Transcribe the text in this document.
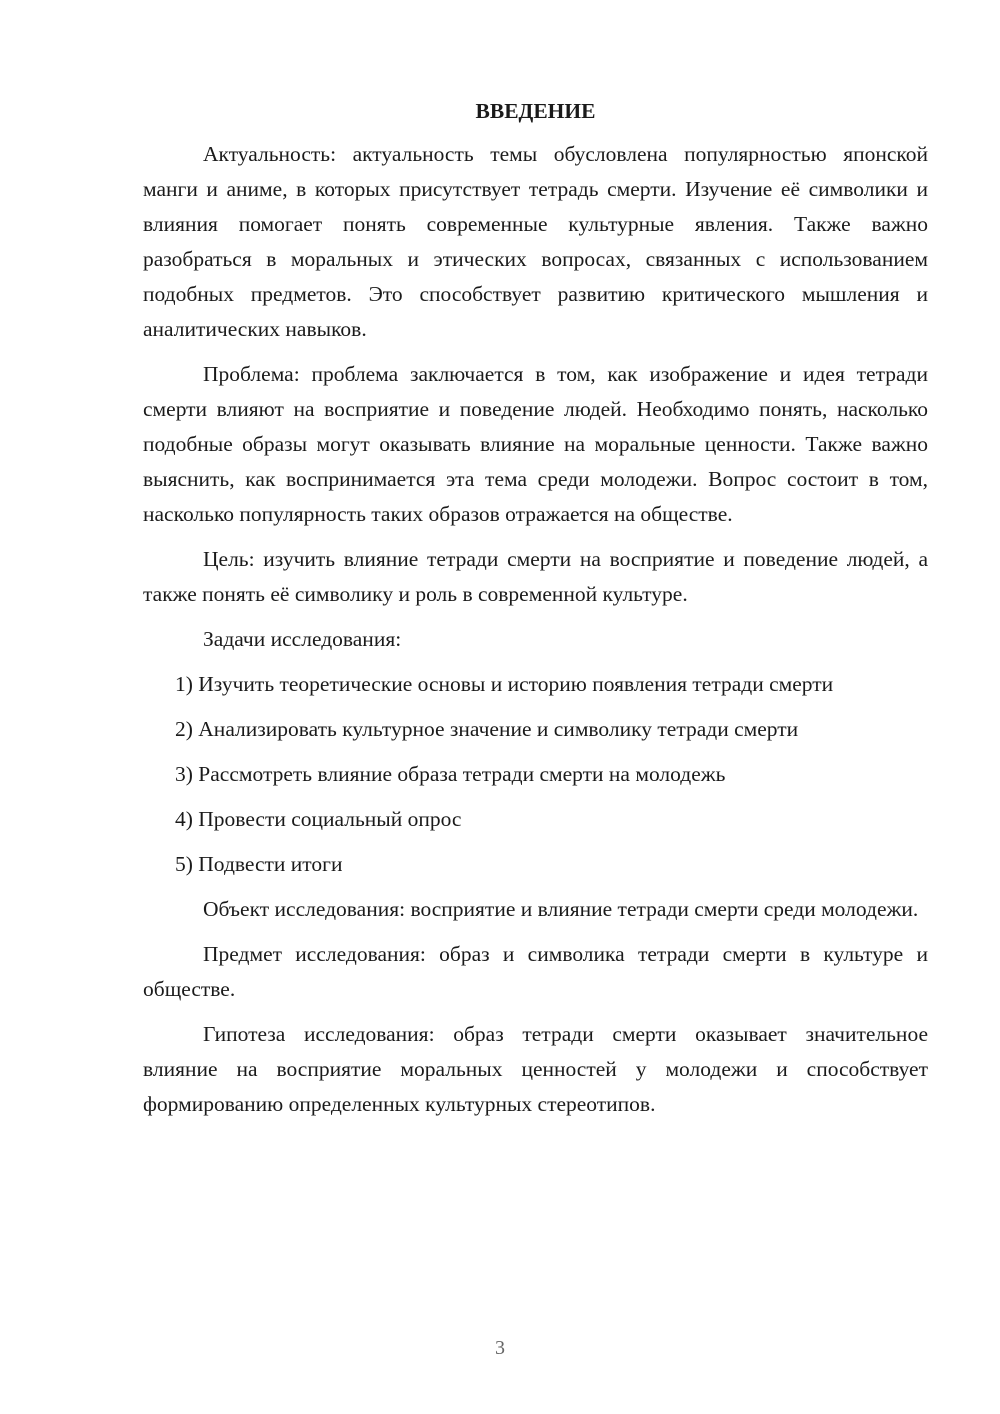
ВВЕДЕНИЕ

Актуальность: актуальность темы обусловлена популярностью японской манги и аниме, в которых присутствует тетрадь смерти. Изучение её символики и влияния помогает понять современные культурные явления. Также важно разобраться в моральных и этических вопросах, связанных с использованием подобных предметов. Это способствует развитию критического мышления и аналитических навыков.

Проблема: проблема заключается в том, как изображение и идея тетради смерти влияют на восприятие и поведение людей. Необходимо понять, насколько подобные образы могут оказывать влияние на моральные ценности. Также важно выяснить, как воспринимается эта тема среди молодежи. Вопрос состоит в том, насколько популярность таких образов отражается на обществе.

Цель: изучить влияние тетради смерти на восприятие и поведение людей, а также понять её символику и роль в современной культуре.

Задачи исследования:

1) Изучить теоретические основы и историю появления тетради смерти

2) Анализировать культурное значение и символику тетради смерти

3) Рассмотреть влияние образа тетради смерти на молодежь

4) Провести социальный опрос

5) Подвести итоги

Объект исследования: восприятие и влияние тетради смерти среди молодежи.

Предмет исследования: образ и символика тетради смерти в культуре и обществе.

Гипотеза исследования: образ тетради смерти оказывает значительное влияние на восприятие моральных ценностей у молодежи и способствует формированию определенных культурных стереотипов.

3
